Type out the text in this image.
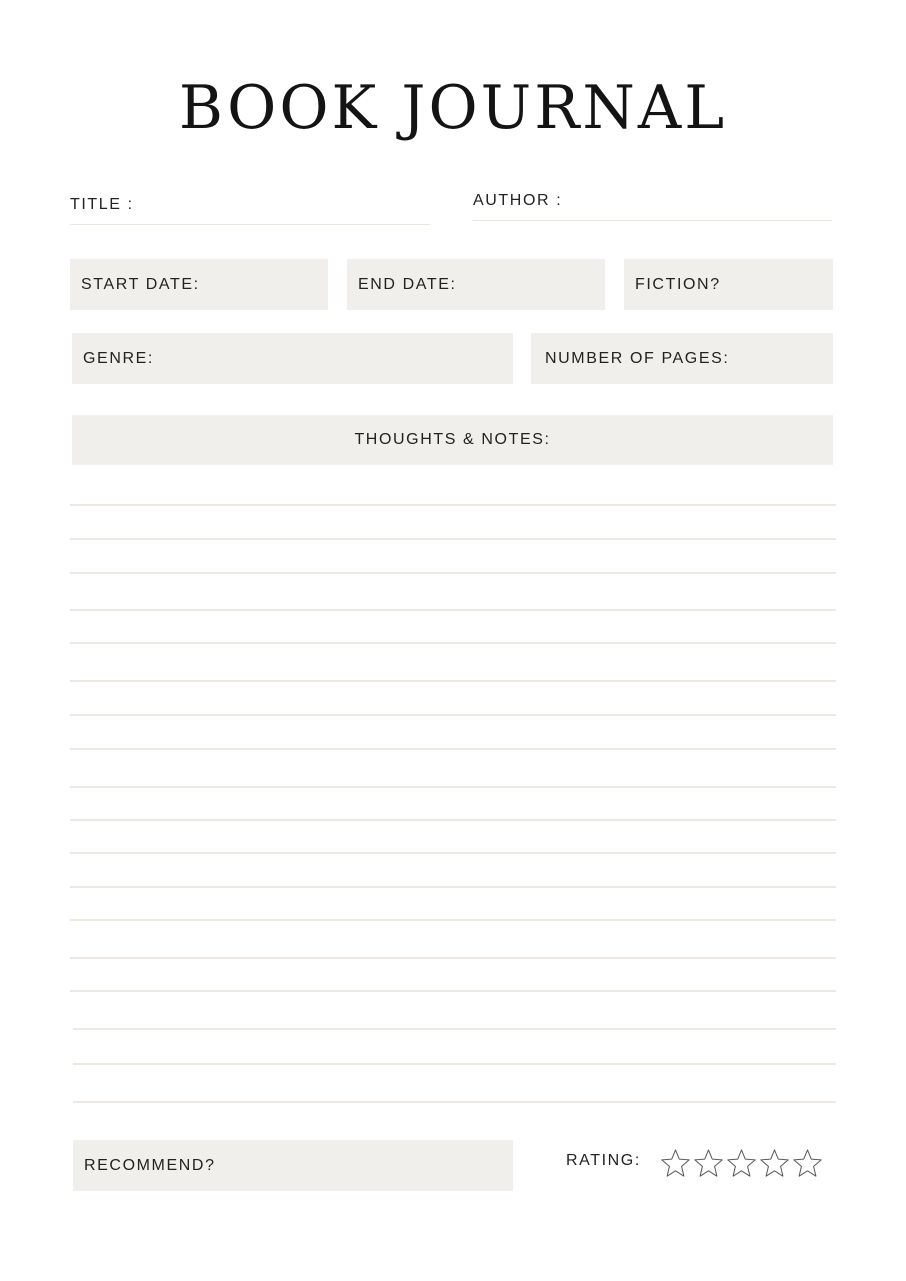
BOOK JOURNAL
TITLE :	AUTHOR :
START DATE:	END DATE:	FICTION?
GENRE:	NUMBER OF PAGES:
THOUGHTS & NOTES:
RECOMMEND?	RATING:
